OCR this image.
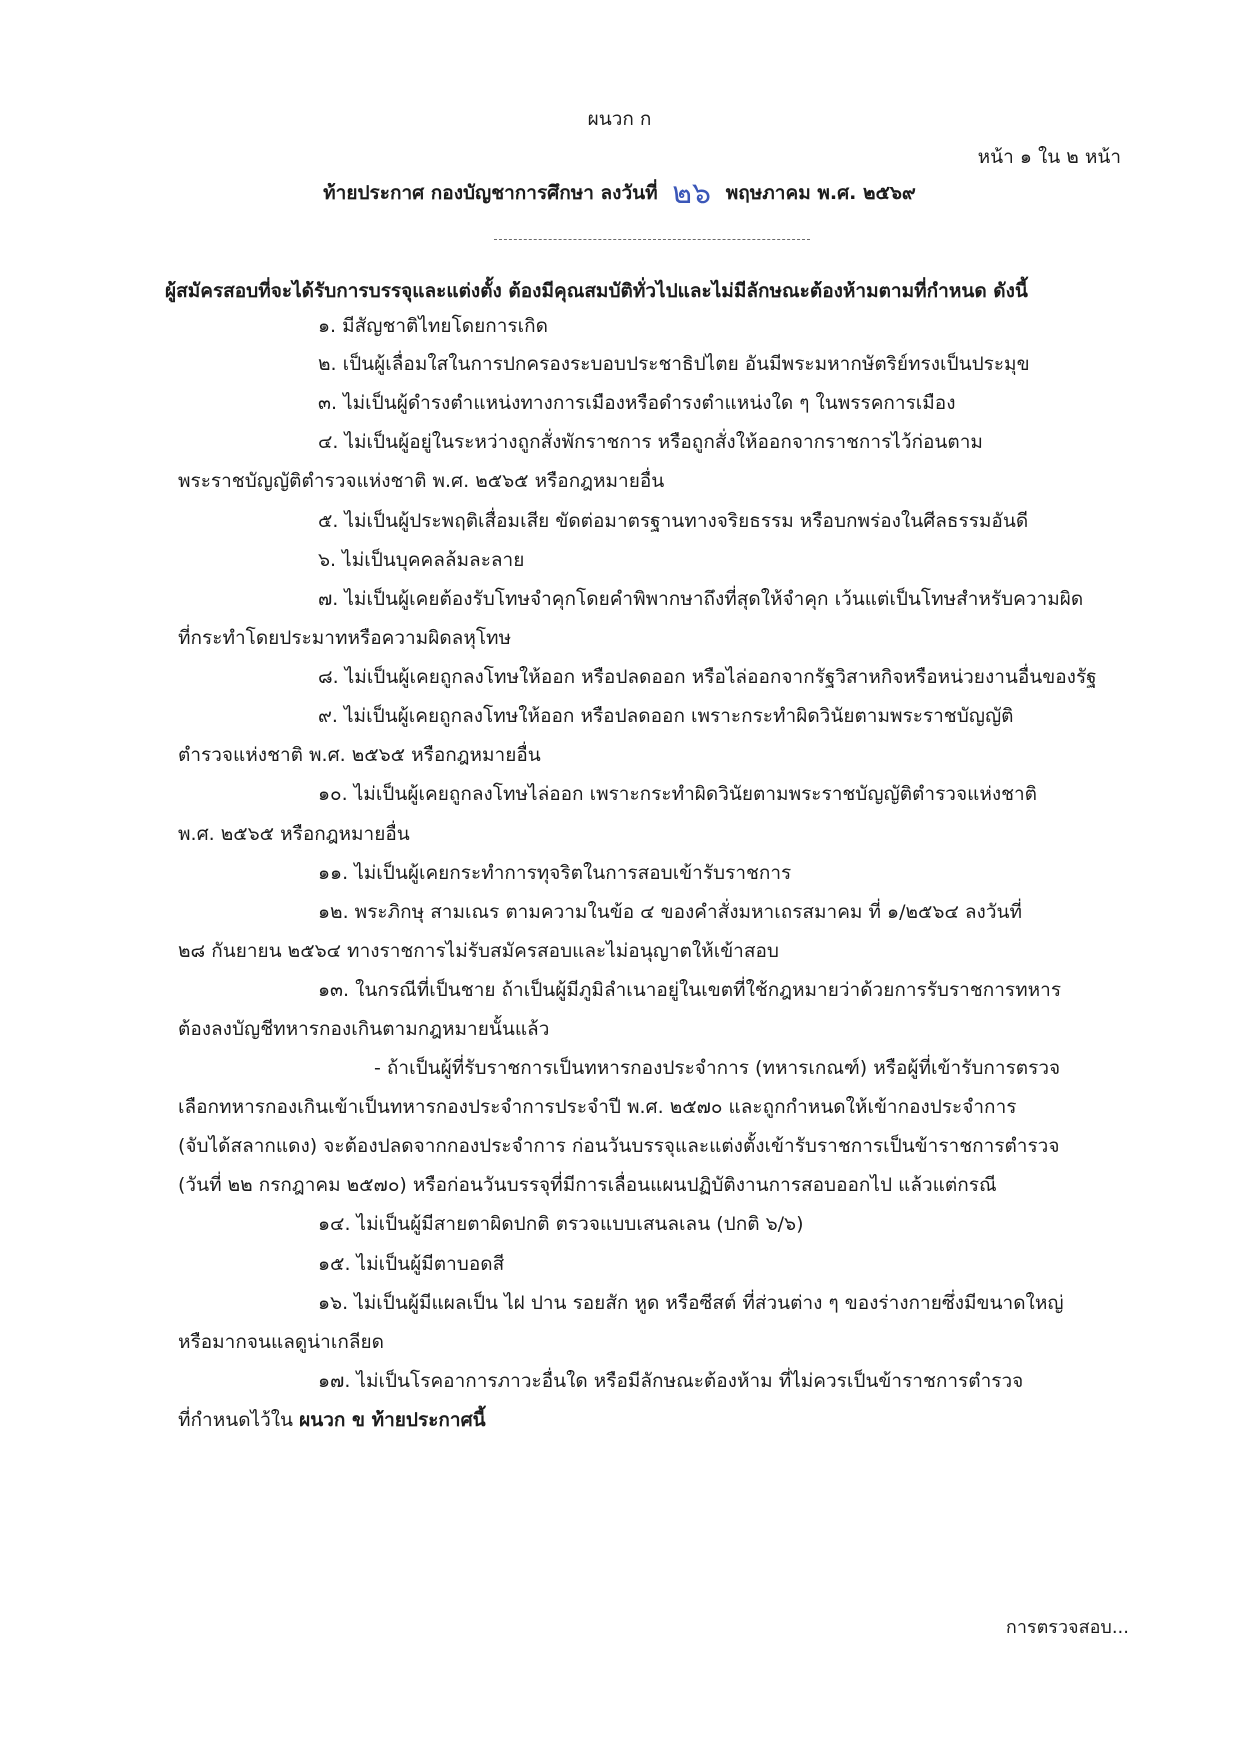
ผนวก ก
หน้า ๑ ใน ๒ หน้า
ท้ายประกาศ กองบัญชาการศึกษา ลงวันที่ ๒๖ พฤษภาคม พ.ศ. ๒๕๖๙
ผู้สมัครสอบที่จะได้รับการบรรจุและแต่งตั้ง ต้องมีคุณสมบัติทั่วไปและไม่มีลักษณะต้องห้ามตามที่กำหนด ดังนี้
๑. มีสัญชาติไทยโดยการเกิด
๒. เป็นผู้เลื่อมใสในการปกครองระบอบประชาธิปไตย อันมีพระมหากษัตริย์ทรงเป็นประมุข
๓. ไม่เป็นผู้ดำรงตำแหน่งทางการเมืองหรือดำรงตำแหน่งใด ๆ ในพรรคการเมือง
๔. ไม่เป็นผู้อยู่ในระหว่างถูกสั่งพักราชการ หรือถูกสั่งให้ออกจากราชการไว้ก่อนตาม
พระราชบัญญัติตำรวจแห่งชาติ พ.ศ. ๒๕๖๕ หรือกฎหมายอื่น
๕. ไม่เป็นผู้ประพฤติเสื่อมเสีย ขัดต่อมาตรฐานทางจริยธรรม หรือบกพร่องในศีลธรรมอันดี
๖. ไม่เป็นบุคคลล้มละลาย
๗. ไม่เป็นผู้เคยต้องรับโทษจำคุกโดยคำพิพากษาถึงที่สุดให้จำคุก เว้นแต่เป็นโทษสำหรับความผิด
ที่กระทำโดยประมาทหรือความผิดลหุโทษ
๘. ไม่เป็นผู้เคยถูกลงโทษให้ออก หรือปลดออก หรือไล่ออกจากรัฐวิสาหกิจหรือหน่วยงานอื่นของรัฐ
๙. ไม่เป็นผู้เคยถูกลงโทษให้ออก หรือปลดออก เพราะกระทำผิดวินัยตามพระราชบัญญัติ
ตำรวจแห่งชาติ พ.ศ. ๒๕๖๕ หรือกฎหมายอื่น
๑๐. ไม่เป็นผู้เคยถูกลงโทษไล่ออก เพราะกระทำผิดวินัยตามพระราชบัญญัติตำรวจแห่งชาติ
พ.ศ. ๒๕๖๕ หรือกฎหมายอื่น
๑๑. ไม่เป็นผู้เคยกระทำการทุจริตในการสอบเข้ารับราชการ
๑๒. พระภิกษุ สามเณร ตามความในข้อ ๔ ของคำสั่งมหาเถรสมาคม ที่ ๑/๒๕๖๔ ลงวันที่
๒๘ กันยายน ๒๕๖๔ ทางราชการไม่รับสมัครสอบและไม่อนุญาตให้เข้าสอบ
๑๓. ในกรณีที่เป็นชาย ถ้าเป็นผู้มีภูมิลำเนาอยู่ในเขตที่ใช้กฎหมายว่าด้วยการรับราชการทหาร
ต้องลงบัญชีทหารกองเกินตามกฎหมายนั้นแล้ว
- ถ้าเป็นผู้ที่รับราชการเป็นทหารกองประจำการ (ทหารเกณฑ์) หรือผู้ที่เข้ารับการตรวจ
เลือกทหารกองเกินเข้าเป็นทหารกองประจำการประจำปี พ.ศ. ๒๕๗๐ และถูกกำหนดให้เข้ากองประจำการ
(จับได้สลากแดง) จะต้องปลดจากกองประจำการ ก่อนวันบรรจุและแต่งตั้งเข้ารับราชการเป็นข้าราชการตำรวจ
(วันที่ ๒๒ กรกฎาคม ๒๕๗๐) หรือก่อนวันบรรจุที่มีการเลื่อนแผนปฏิบัติงานการสอบออกไป แล้วแต่กรณี
๑๔. ไม่เป็นผู้มีสายตาผิดปกติ ตรวจแบบเสนลเลน (ปกติ ๖/๖)
๑๕. ไม่เป็นผู้มีตาบอดสี
๑๖. ไม่เป็นผู้มีแผลเป็น ไฝ ปาน รอยสัก หูด หรือซีสต์ ที่ส่วนต่าง ๆ ของร่างกายซึ่งมีขนาดใหญ่
หรือมากจนแลดูน่าเกลียด
๑๗. ไม่เป็นโรคอาการภาวะอื่นใด หรือมีลักษณะต้องห้าม ที่ไม่ควรเป็นข้าราชการตำรวจ
ที่กำหนดไว้ใน ผนวก ข ท้ายประกาศนี้
การตรวจสอบ...
